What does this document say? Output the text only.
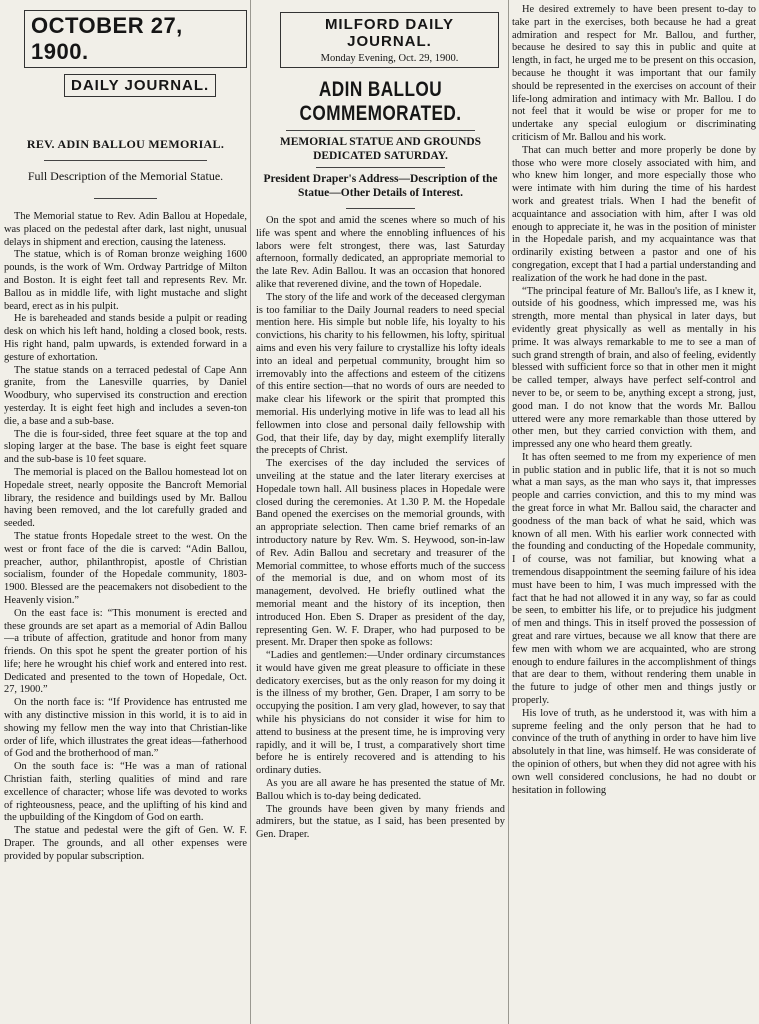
OCTOBER 27, 1900.
DAILY JOURNAL.
REV. ADIN BALLOU MEMORIAL.
Full Description of the Memorial Statue.

The Memorial statue to Rev. Adin Ballou at Hopedale, was placed on the pedestal after dark, last night, unusual delays in shipment and erection, causing the lateness.

The statue, which is of Roman bronze weighing 1600 pounds, is the work of Wm. Ordway Partridge of Milton and Boston. It is eight feet tall and represents Rev. Mr. Ballou as in middle life, with light mustache and slight beard, erect as in his pulpit.

He is bareheaded and stands beside a pulpit or reading desk on which his left hand, holding a closed book, rests. His right hand, palm upwards, is extended forward in a gesture of exhortation.

The statue stands on a terraced pedestal of Cape Ann granite, from the Lanesville quarries, by Daniel Woodbury, who supervised its construction and erection yesterday. It is eight feet high and includes a seven-ton die, a base and a sub-base.

The die is four-sided, three feet square at the top and sloping larger at the base. The base is eight feet square and the sub-base is 10 feet square.

The memorial is placed on the Ballou homestead lot on Hopedale street, nearly opposite the Bancroft Memorial library, the residence and buildings used by Mr. Ballou having been removed, and the lot carefully graded and seeded.

The statue fronts Hopedale street to the west. On the west or front face of the die is carved: “Adin Ballou, preacher, author, philanthropist, apostle of Christian socialism, founder of the Hopedale community, 1803-1900. Blessed are the peacemakers not disobedient to the Heavenly vision.”

On the east face is: “This monument is erected and these grounds are set apart as a memorial of Adin Ballou—a tribute of affection, gratitude and honor from many friends. On this spot he spent the greater portion of his life; here he wrought his chief work and entered into rest. Dedicated and presented to the town of Hopedale, Oct. 27, 1900.”

On the north face is: “If Providence has entrusted me with any distinctive mission in this world, it is to aid in showing my fellow men the way into that Christian-like order of life, which illustrates the great ideas—fatherhood of God and the brotherhood of man.”

On the south face is: “He was a man of rational Christian faith, sterling qualities of mind and rare excellence of character; whose life was devoted to works of righteousness, peace, and the uplifting of his kind and the upbuilding of the Kingdom of God on earth.

The statue and pedestal were the gift of Gen. W. F. Draper. The grounds, and all other expenses were provided by popular subscription.

MILFORD DAILY JOURNAL.
Monday Evening, Oct. 29, 1900.
ADIN BALLOU COMMEMORATED.
MEMORIAL STATUE AND GROUNDS DEDICATED SATURDAY.
President Draper's Address—Description of the Statue—Other Details of Interest.

On the spot and amid the scenes where so much of his life was spent and where the ennobling influences of his labors were felt strongest, there was, last Saturday afternoon, formally dedicated, an appropriate memorial to the late Rev. Adin Ballou. It was an occasion that honored alike that reverened divine, and the town of Hopedale.

The story of the life and work of the deceased clergyman is too familiar to the Daily Journal readers to need special mention here. His simple but noble life, his loyalty to his convictions, his charity to his fellowmen, his lofty, spiritual aims and even his very failure to crystallize his lofty ideals into an ideal and perpetual community, brought him so irremovably into the affections and esteem of the citizens of this entire section—that no words of ours are needed to make clear his lifework or the spirit that prompted this memorial. His underlying motive in life was to lead all his fellowmen into close and personal daily fellowship with God, that their life, day by day, might exemplify literally the precepts of Christ.

The exercises of the day included the services of unveiling at the statue and the later literary exercises at Hopedale town hall. All business places in Hopedale were closed during the ceremonies. At 1.30 P. M. the Hopedale Band opened the exercises on the memorial grounds, with an appropriate selection. Then came brief remarks of an introductory nature by Rev. Wm. S. Heywood, son-in-law of Rev. Adin Ballou and secretary and treasurer of the Memorial committee, to whose efforts much of the success of the memorial is due, and on whom most of its management, devolved. He briefly outlined what the memorial meant and the history of its inception, then introduced Hon. Eben S. Draper as president of the day, representing Gen. W. F. Draper, who had purposed to be present. Mr. Draper then spoke as follows:

“Ladies and gentlemen:—Under ordinary circumstances it would have given me great pleasure to officiate in these dedicatory exercises, but as the only reason for my doing it is the illness of my brother, Gen. Draper, I am sorry to be occupying the position. I am very glad, however, to say that while his physicians do not consider it wise for him to attend to business at the present time, he is improving very rapidly, and it will be, I trust, a comparatively short time before he is entirely recovered and is attending to his ordinary duties.

As you are all aware he has presented the statue of Mr. Ballou which is to-day being dedicated.

The grounds have been given by many friends and admirers, but the statue, as I said, has been presented by Gen. Draper.

He desired extremely to have been present to-day to take part in the exercises, both because he had a great admiration and respect for Mr. Ballou, and further, because he desired to say this in public and quite at length, in fact, he urged me to be present on this occasion, because he thought it was important that our family should be represented in the exercises on account of their life-long admiration and intimacy with Mr. Ballou. I do not feel that it would be wise or proper for me to undertake any special eulogium or discriminating criticism of Mr. Ballou and his work.

That can much better and more properly be done by those who were more closely associated with him, and who knew him longer, and more especially those who were intimate with him during the time of his hardest work and greatest trials. When I had the benefit of acquaintance and association with him, after I was old enough to appreciate it, he was in the position of minister in the Hopedale parish, and my acquaintance was that ordinarily existing between a pastor and one of his congregation, except that I had a partial understanding and realization of the work he had done in the past.

“The principal feature of Mr. Ballou's life, as I knew it, outside of his goodness, which impressed me, was his strength, more mental than physical in later days, but evidently great physically as well as mentally in his prime. It was always remarkable to me to see a man of such grand strength of brain, and also of feeling, evidently blessed with sufficient force so that in other men it might be called temper, always have perfect self-control and never to be, or seem to be, anything except a strong, just, good man. I do not know that the words Mr. Ballou uttered were any more remarkable than those uttered by other men, but they carried conviction with them, and impressed any one who heard them greatly.

It has often seemed to me from my experience of men in public station and in public life, that it is not so much what a man says, as the man who says it, that impresses people and carries conviction, and this to my mind was the great force in what Mr. Ballou said, the character and goodness of the man back of what he said, which was known of all men. With his earlier work connected with the founding and conducting of the Hopedale community, I of course, was not familiar, but knowing what a tremendous disappointment the seeming failure of his idea must have been to him, I was much impressed with the fact that he had not allowed it in any way, so far as could be seen, to embitter his life, or to prejudice his judgment of men and things. This in itself proved the possession of great and rare virtues, because we all know that there are few men with whom we are acquainted, who are strong enough to endure failures in the accomplishment of things that are dear to them, without rendering them unable in the future to judge of other men and things justly or properly.

His love of truth, as he understood it, was with him a supreme feeling and the only person that he had to convince of the truth of anything in order to have him live absolutely in that line, was himself. He was considerate of the opinion of others, but when they did not agree with his own well considered conclusions, he had no doubt or hesitation in following
